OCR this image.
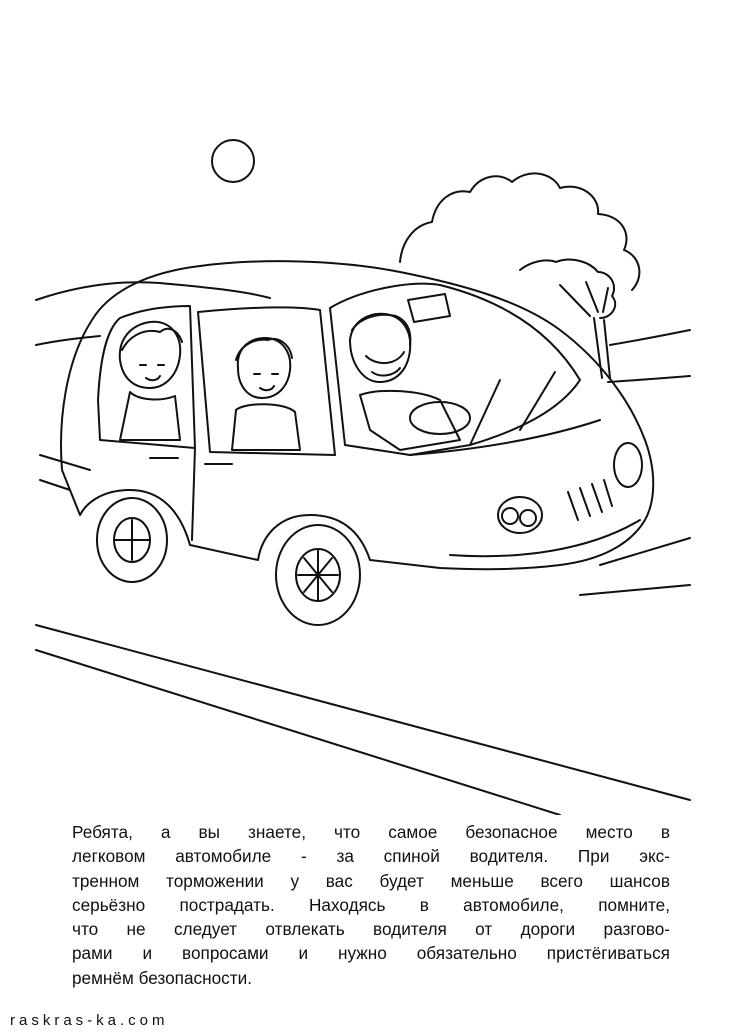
Ребята, а вы знаете, что самое безопасное место в
легковом автомобиле - за спиной водителя. При экс-
тренном торможении у вас будет меньше всего шансов
серьёзно пострадать. Находясь в автомобиле, помните,
что не следует отвлекать водителя от дороги разгово-
рами и вопросами и нужно обязательно пристёгиваться
ремнём безопасности.
raskras-ka.com
